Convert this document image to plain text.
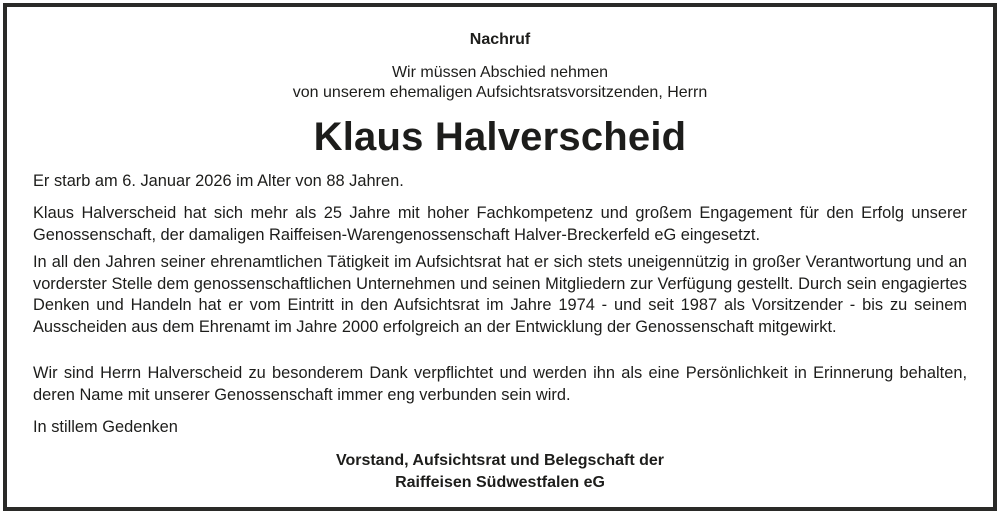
Nachruf
Wir müssen Abschied nehmen
von unserem ehemaligen Aufsichtsratsvorsitzenden, Herrn
Klaus Halverscheid
Er starb am 6. Januar 2026 im Alter von 88 Jahren.
Klaus Halverscheid hat sich mehr als 25 Jahre mit hoher Fachkompetenz und großem Engagement für den Erfolg unserer Genossenschaft, der damaligen Raiffeisen-Warengenossenschaft Halver-Breckerfeld eG eingesetzt.
In all den Jahren seiner ehrenamtlichen Tätigkeit im Aufsichtsrat hat er sich stets uneigennützig in großer Verantwortung und an vorderster Stelle dem genossenschaftlichen Unternehmen und seinen Mitgliedern zur Verfügung gestellt. Durch sein engagiertes Denken und Handeln hat er vom Eintritt in den Aufsichtsrat im Jahre 1974 - und seit 1987 als Vorsitzender - bis zu seinem Ausscheiden aus dem Ehrenamt im Jahre 2000 erfolgreich an der Entwicklung der Genossenschaft mitgewirkt.
Wir sind Herrn Halverscheid zu besonderem Dank verpflichtet und werden ihn als eine Persönlichkeit in Erinnerung behalten, deren Name mit unserer Genossenschaft immer eng verbunden sein wird.
In stillem Gedenken
Vorstand, Aufsichtsrat und Belegschaft der
Raiffeisen Südwestfalen eG
